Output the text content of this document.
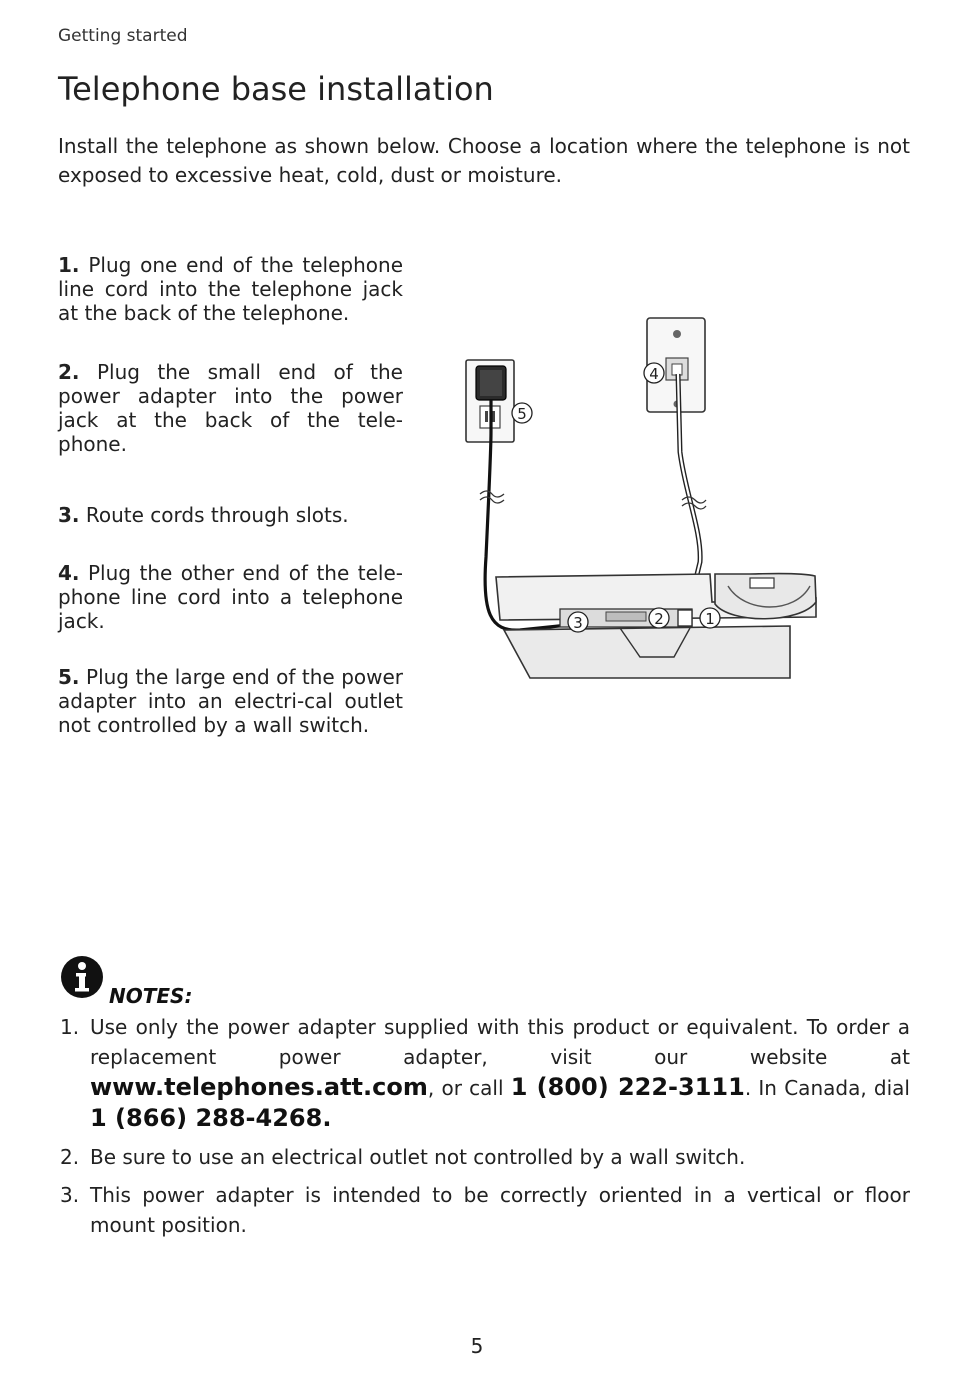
Getting started
Telephone base installation

Install the telephone as shown below. Choose a location where the telephone is not exposed to excessive heat, cold, dust or moisture.

1. Plug one end of the telephone line cord into the telephone jack at the back of the telephone.

2. Plug the small end of the power adapter into the power jack at the back of the tele-phone.

3. Route cords through slots.

4. Plug the other end of the tele-phone line cord into a telephone jack.

5. Plug the large end of the power adapter into an electri-cal outlet not controlled by a wall switch.

1
2
3
4
5
NOTES:
1. Use only the power adapter supplied with this product or equivalent. To order a replacement power adapter, visit our website at www.telephones.att.com, or call 1 (800) 222-3111. In Canada, dial 1 (866) 288-4268.
2. Be sure to use an electrical outlet not controlled by a wall switch.
3. This power adapter is intended to be correctly oriented in a vertical or floor mount position.
5
